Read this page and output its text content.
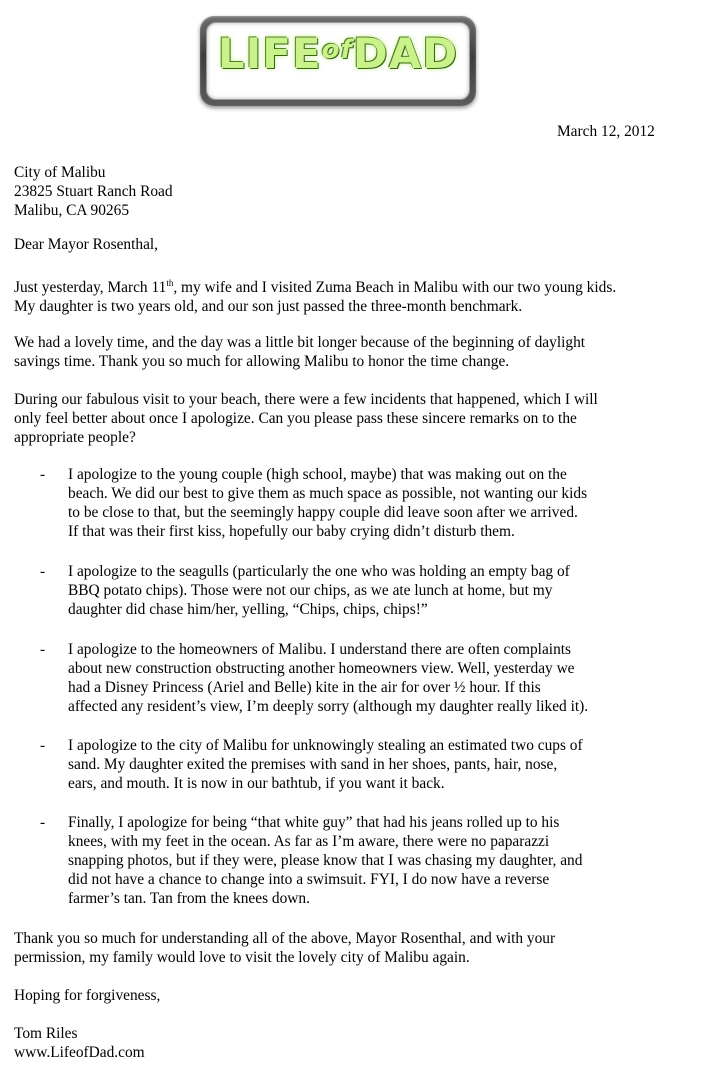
$LIFE^{of}DAD$
March 12, 2012

City of Malibu

23825 Stuart Ranch Road

Malibu, CA 90265

Dear Mayor Rosenthal,

Just yesterday, March 11th, my wife and I visited Zuma Beach in Malibu with our two young kids.

My daughter is two years old, and our son just passed the three-month benchmark.

We had a lovely time, and the day was a little bit longer because of the beginning of daylight

savings time. Thank you so much for allowing Malibu to honor the time change.

During our fabulous visit to your beach, there were a few incidents that happened, which I will

only feel better about once I apologize. Can you please pass these sincere remarks on to the

appropriate people?

- I apologize to the young couple (high school, maybe) that was making out on the

beach. We did our best to give them as much space as possible, not wanting our kids

to be close to that, but the seemingly happy couple did leave soon after we arrived.

If that was their first kiss, hopefully our baby crying didn’t disturb them.

- I apologize to the seagulls (particularly the one who was holding an empty bag of

BBQ potato chips). Those were not our chips, as we ate lunch at home, but my

daughter did chase him/her, yelling, “Chips, chips, chips!”

- I apologize to the homeowners of Malibu. I understand there are often complaints

about new construction obstructing another homeowners view. Well, yesterday we

had a Disney Princess (Ariel and Belle) kite in the air for over ½ hour. If this

affected any resident’s view, I’m deeply sorry (although my daughter really liked it).

- I apologize to the city of Malibu for unknowingly stealing an estimated two cups of

sand. My daughter exited the premises with sand in her shoes, pants, hair, nose,

ears, and mouth. It is now in our bathtub, if you want it back.

- Finally, I apologize for being “that white guy” that had his jeans rolled up to his

knees, with my feet in the ocean. As far as I’m aware, there were no paparazzi

snapping photos, but if they were, please know that I was chasing my daughter, and

did not have a chance to change into a swimsuit. FYI, I do now have a reverse

farmer’s tan. Tan from the knees down.

Thank you so much for understanding all of the above, Mayor Rosenthal, and with your

permission, my family would love to visit the lovely city of Malibu again.

Hoping for forgiveness,

Tom Riles

www.LifeofDad.com
